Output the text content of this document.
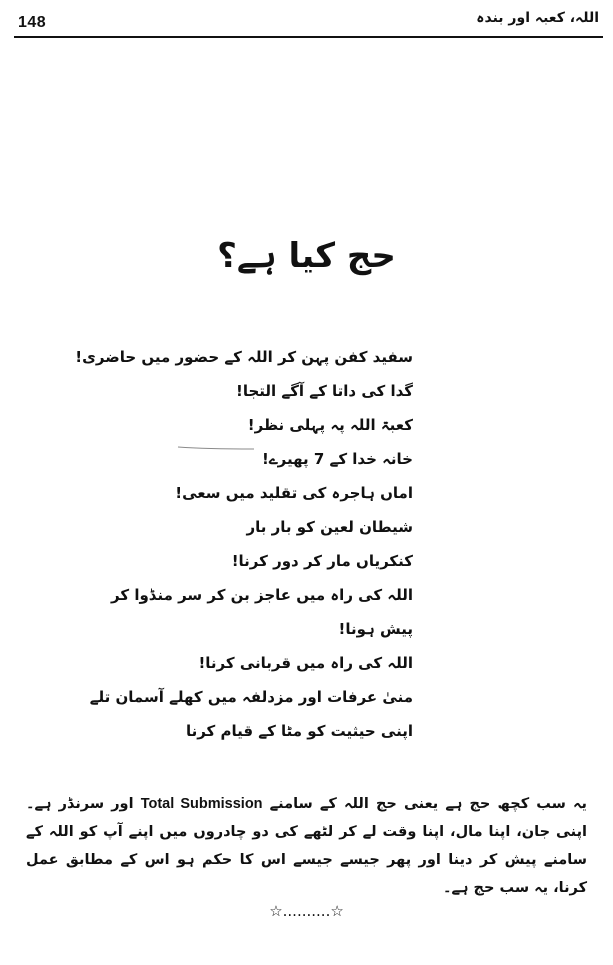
148	اللہ، کعبہ اور بندہ
حج کیا ہے؟
سفید کفن پہن کر اللہ کے حضور میں حاضری!
گدا کی داتا کے آگے التجا!
کعبۃ اللہ پہ پہلی نظر!
خانہ خدا کے 7 پھیرے!
اماں ہاجرہ کی تقلید میں سعی!
شیطان لعین کو بار بار
کنکریاں مار کر دور کرنا!
اللہ کی راہ میں عاجز بن کر سر منڈوا کر
پیش ہونا!
اللہ کی راہ میں قربانی کرنا!
منیٰ عرفات اور مزدلفہ میں کھلے آسمان تلے
اپنی حیثیت کو مٹا کے قیام کرنا

یہ سب کچھ حج ہے یعنی حج اللہ کے سامنے Total Submission اور سرنڈر ہے۔ اپنی جان، اپنا مال، اپنا وقت لے کر لٹھے کی دو چادروں میں اپنے آپ کو اللہ کے سامنے پیش کر دینا اور پھر جیسے جیسے اس کا حکم ہو اس کے مطابق عمل کرنا، یہ سب حج ہے۔

☆..........☆
